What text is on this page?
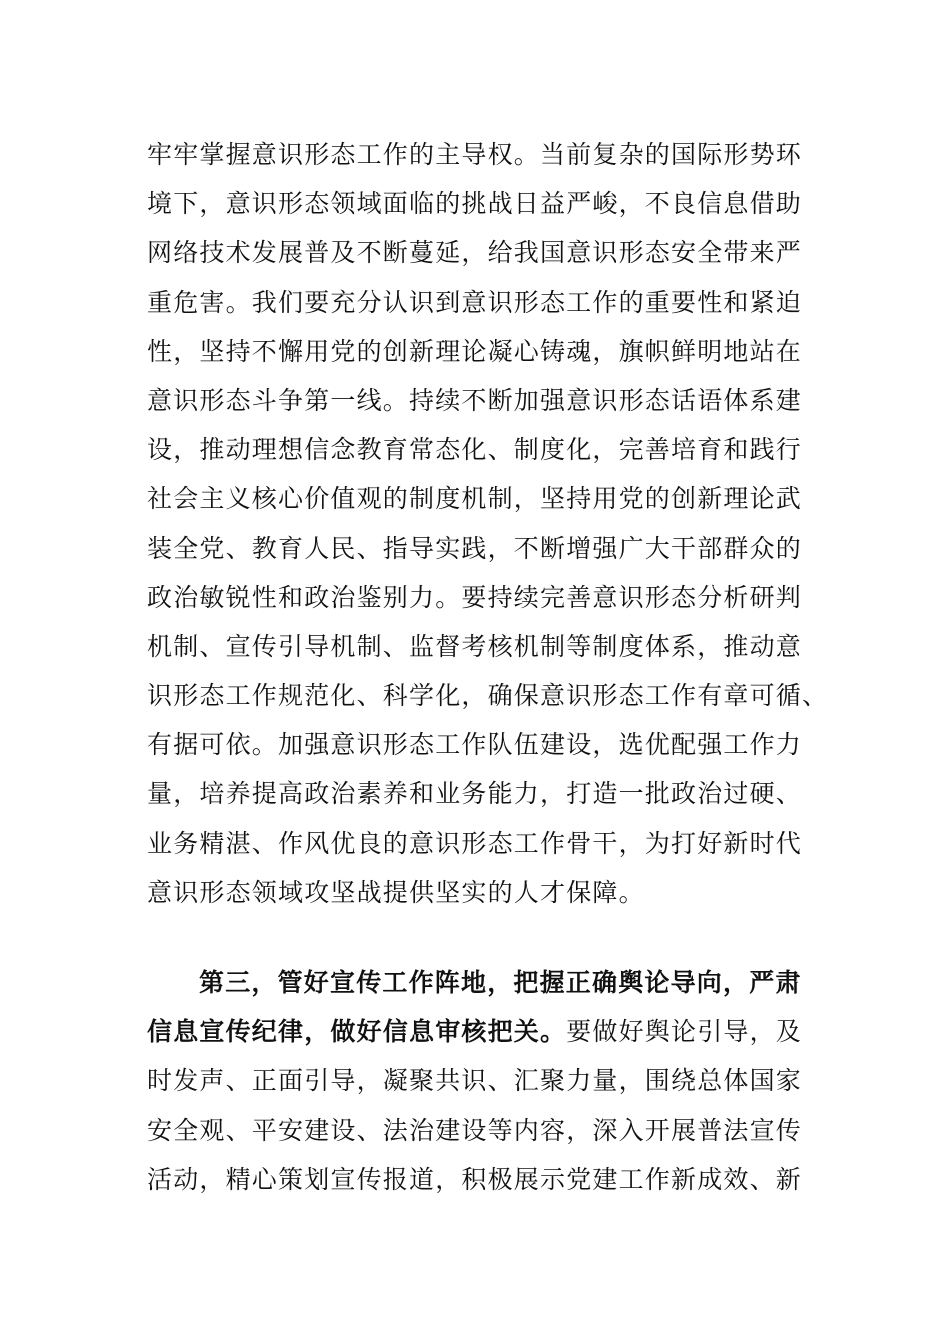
牢牢掌握意识形态工作的主导权。当前复杂的国际形势环
境下，意识形态领域面临的挑战日益严峻，不良信息借助
网络技术发展普及不断蔓延，给我国意识形态安全带来严
重危害。我们要充分认识到意识形态工作的重要性和紧迫
性，坚持不懈用党的创新理论凝心铸魂，旗帜鲜明地站在
意识形态斗争第一线。持续不断加强意识形态话语体系建
设，推动理想信念教育常态化、制度化，完善培育和践行
社会主义核心价值观的制度机制，坚持用党的创新理论武
装全党、教育人民、指导实践，不断增强广大干部群众的
政治敏锐性和政治鉴别力。要持续完善意识形态分析研判
机制、宣传引导机制、监督考核机制等制度体系，推动意
识形态工作规范化、科学化，确保意识形态工作有章可循、
有据可依。加强意识形态工作队伍建设，选优配强工作力
量，培养提高政治素养和业务能力，打造一批政治过硬、
业务精湛、作风优良的意识形态工作骨干，为打好新时代
意识形态领域攻坚战提供坚实的人才保障。
第三，管好宣传工作阵地，把握正确舆论导向，严肃
信息宣传纪律，做好信息审核把关。要做好舆论引导，及
时发声、正面引导，凝聚共识、汇聚力量，围绕总体国家
安全观、平安建设、法治建设等内容，深入开展普法宣传
活动，精心策划宣传报道，积极展示党建工作新成效、新
